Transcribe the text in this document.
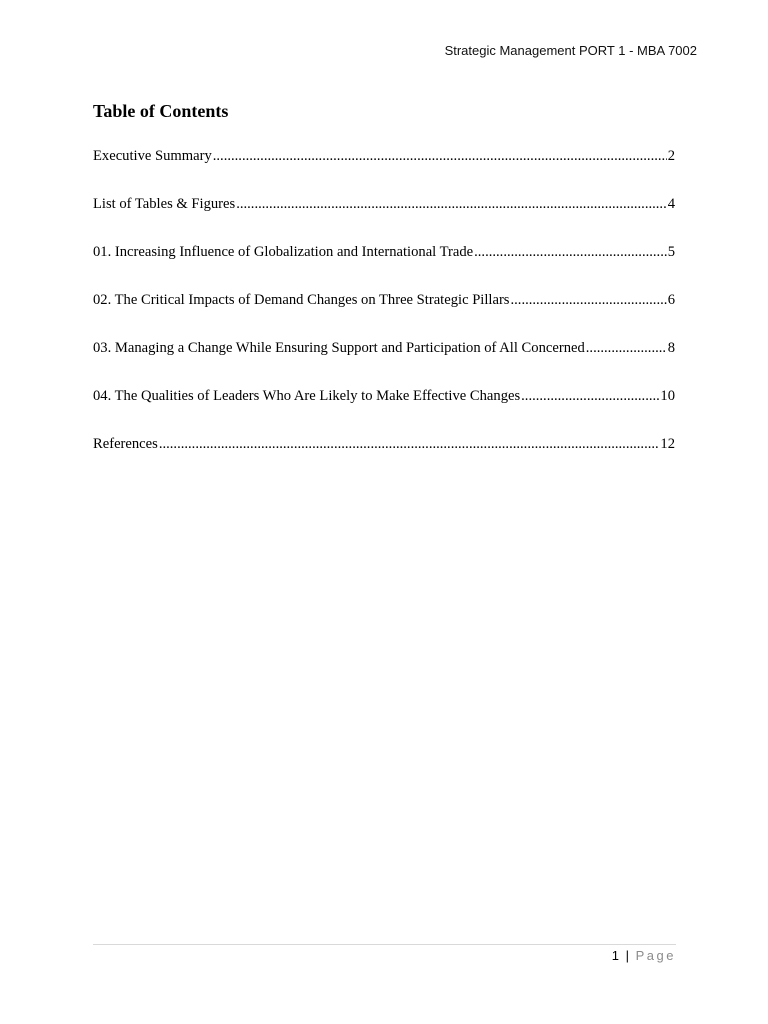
Strategic Management PORT 1 - MBA 7002
Table of Contents
Executive Summary .....	2
List of Tables & Figures .....	4
01. Increasing Influence of Globalization and International Trade .....	5
02. The Critical Impacts of Demand Changes on Three Strategic Pillars .....	6
03. Managing a Change While Ensuring Support and Participation of All Concerned .....	8
04. The Qualities of Leaders Who Are Likely to Make Effective Changes .....	10
References .....	12
1 | Page
